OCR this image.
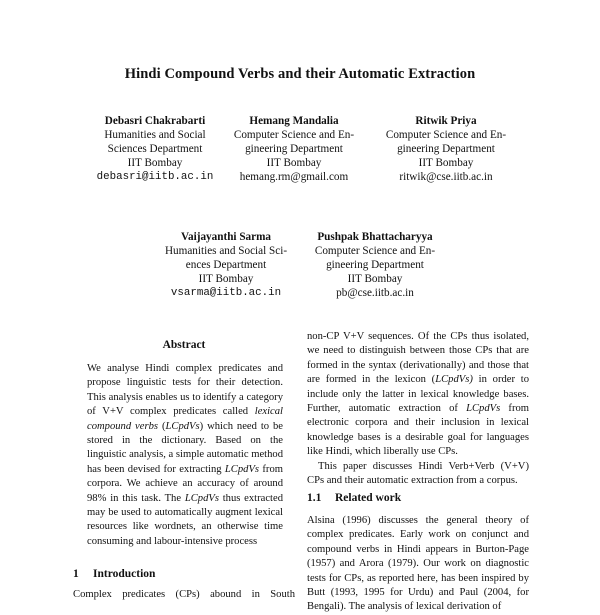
Hindi Compound Verbs and their Automatic Extraction
Debasri Chakrabarti
Humanities and Social
Sciences Department
IIT Bombay
debasri@iitb.ac.in
Hemang Mandalia
Computer Science and En-
gineering Department
IIT Bombay
hemang.rm@gmail.com
Ritwik Priya
Computer Science and En-
gineering Department
IIT Bombay
ritwik@cse.iitb.ac.in
Vaijayanthi Sarma
Humanities and Social Sci-
ences Department
IIT Bombay
vsarma@iitb.ac.in
Pushpak Bhattacharyya
Computer Science and En-
gineering Department
IIT Bombay
pb@cse.iitb.ac.in
Abstract

We analyse Hindi complex predicates and propose linguistic tests for their detection. This analysis enables us to identify a category of V+V complex predicates called lexical compound verbs (LCpdVs) which need to be stored in the dictionary. Based on the linguistic analysis, a simple automatic method has been devised for extracting LCpdVs from corpora. We achieve an accuracy of around 98% in this task. The LCpdVs thus extracted may be used to automatically augment lexical resources like wordnets, an otherwise time consuming and labour-intensive process

1 Introduction
Complex predicates (CPs) abound in South

non-CP V+V sequences. Of the CPs thus isolated, we need to distinguish between those CPs that are formed in the syntax (derivationally) and those that are formed in the lexicon (LCpdVs) in order to include only the latter in lexical knowledge bases. Further, automatic extraction of LCpdVs from electronic corpora and their inclusion in lexical knowledge bases is a desirable goal for languages like Hindi, which liberally use CPs.

This paper discusses Hindi Verb+Verb (V+V) CPs and their automatic extraction from a corpus.

1.1 Related work

Alsina (1996) discusses the general theory of complex predicates. Early work on conjunct and compound verbs in Hindi appears in Burton-Page (1957) and Arora (1979). Our work on diagnostic tests for CPs, as reported here, has been inspired by Butt (1993, 1995 for Urdu) and Paul (2004, for Bengali). The analysis of lexical derivation of
